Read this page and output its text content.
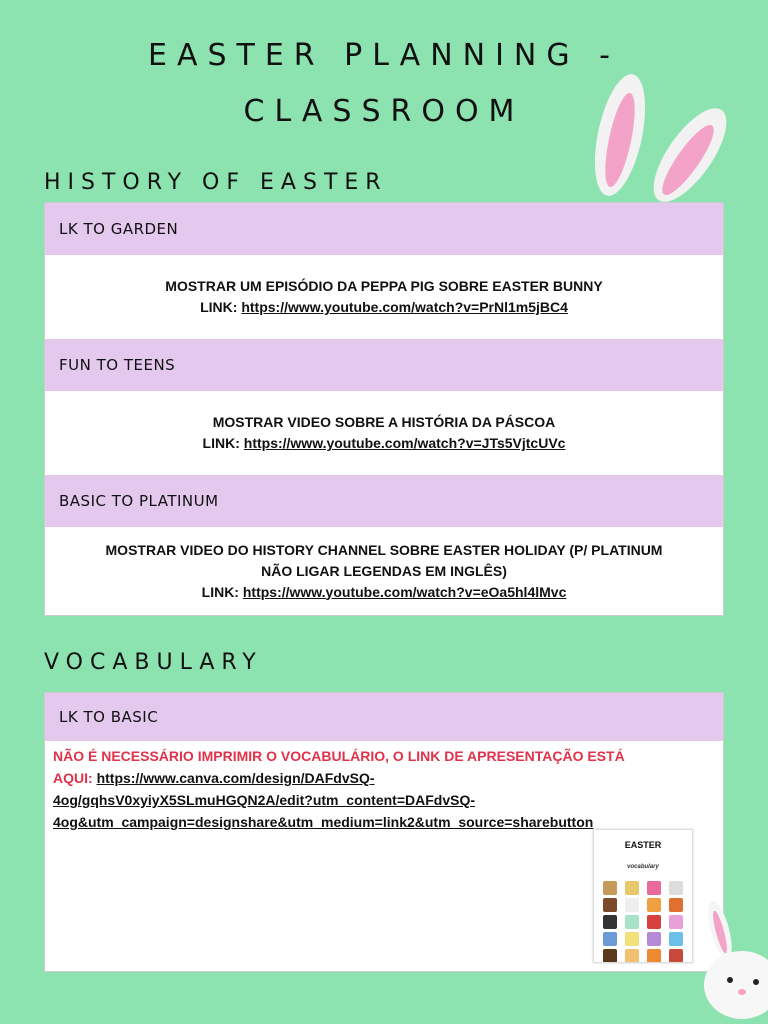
EASTER PLANNING -
CLASSROOM
HISTORY OF EASTER
LK TO GARDEN
MOSTRAR UM EPISÓDIO DA PEPPA PIG SOBRE EASTER BUNNY
LINK: https://www.youtube.com/watch?v=PrNl1m5jBC4
FUN TO TEENS
MOSTRAR VIDEO SOBRE A HISTÓRIA DA PÁSCOA
LINK: https://www.youtube.com/watch?v=JTs5VjtcUVc
BASIC TO PLATINUM
MOSTRAR VIDEO DO HISTORY CHANNEL SOBRE EASTER HOLIDAY (P/ PLATINUM
NÃO LIGAR LEGENDAS EM INGLÊS)
LINK: https://www.youtube.com/watch?v=eOa5hl4lMvc
VOCABULARY
LK TO BASIC
NÃO É NECESSÁRIO IMPRIMIR O VOCABULÁRIO, O LINK DE APRESENTAÇÃO ESTÁ
AQUI: https://www.canva.com/design/DAFdvSQ-
4og/gqhsV0xyiyX5SLmuHGQN2A/edit?utm_content=DAFdvSQ-
4og&utm_campaign=designshare&utm_medium=link2&utm_source=sharebutton
EASTER
vocabulary
